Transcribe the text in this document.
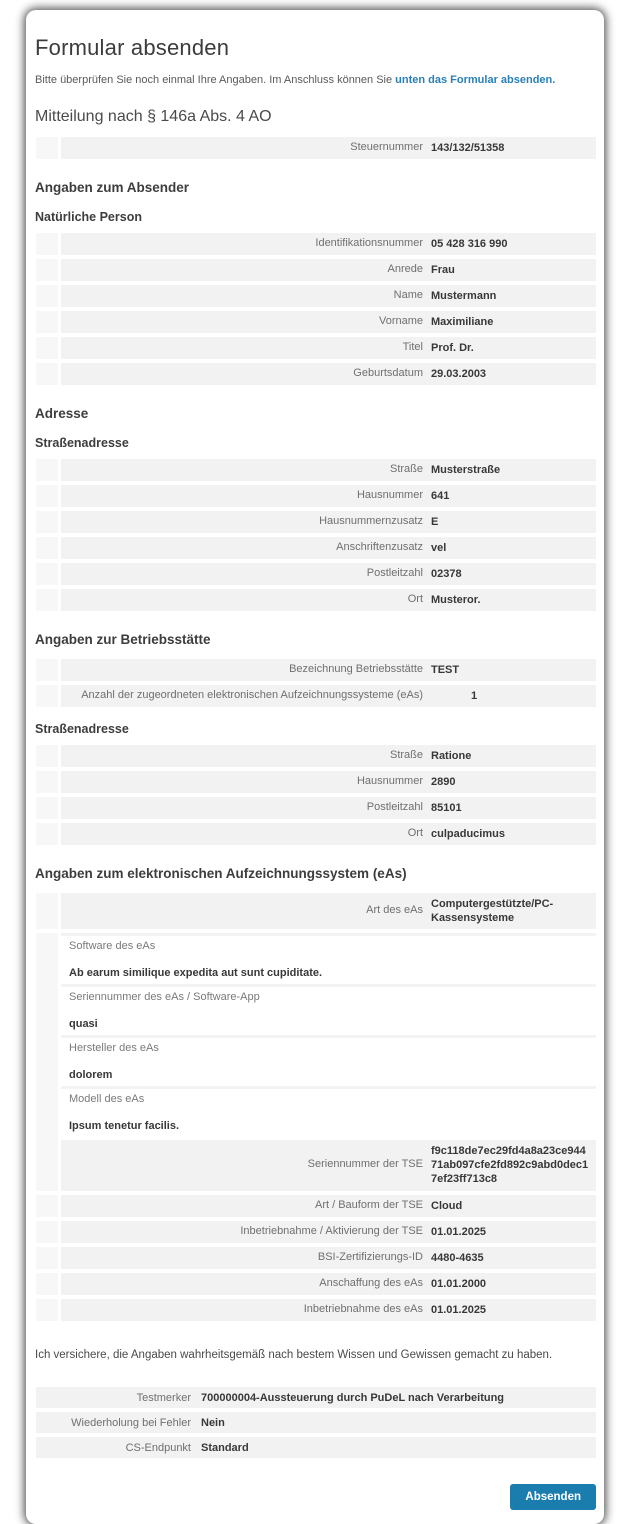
Formular absenden

Bitte überprüfen Sie noch einmal Ihre Angaben. Im Anschluss können Sie unten das Formular absenden.

Mitteilung nach § 146a Abs. 4 AO
Steuernummer 143/132/51358
Angaben zum Absender
Natürliche Person
Identifikationsnummer 05 428 316 990
Anrede Frau
Name Mustermann
Vorname Maximiliane
Titel Prof. Dr.
Geburtsdatum 29.03.2003
Adresse
Straßenadresse
Straße Musterstraße
Hausnummer 641
Hausnummernzusatz E
Anschriftenzusatz vel
Postleitzahl 02378
Ort Musteror.
Angaben zur Betriebsstätte
Bezeichnung Betriebsstätte TEST
Anzahl der zugeordneten elektronischen Aufzeichnungssysteme (eAs)	1
Straßenadresse
Straße Ratione
Hausnummer 2890
Postleitzahl 85101
Ort culpaducimus
Angaben zum elektronischen Aufzeichnungssystem (eAs)
Art des eAs
Computergestützte/PC-Kassensysteme
Software des eAs
Ab earum similique expedita aut sunt cupiditate.
Seriennummer des eAs / Software-App
quasi
Hersteller des eAs
dolorem
Modell des eAs
Ipsum tenetur facilis.
Seriennummer der TSE
f9c118de7ec29fd4a8a23ce94471ab097cfe2fd892c9abd0dec17ef23ff713c8
Art / Bauform der TSE Cloud
Inbetriebnahme / Aktivierung der TSE 01.01.2025
BSI-Zertifizierungs-ID 4480-4635
Anschaffung des eAs 01.01.2000
Inbetriebnahme des eAs 01.01.2025

Ich versichere, die Angaben wahrheitsgemäß nach bestem Wissen und Gewissen gemacht zu haben.

Testmerker 700000004-Aussteuerung durch PuDeL nach Verarbeitung
Wiederholung bei Fehler Nein
CS-Endpunkt Standard
Absenden
